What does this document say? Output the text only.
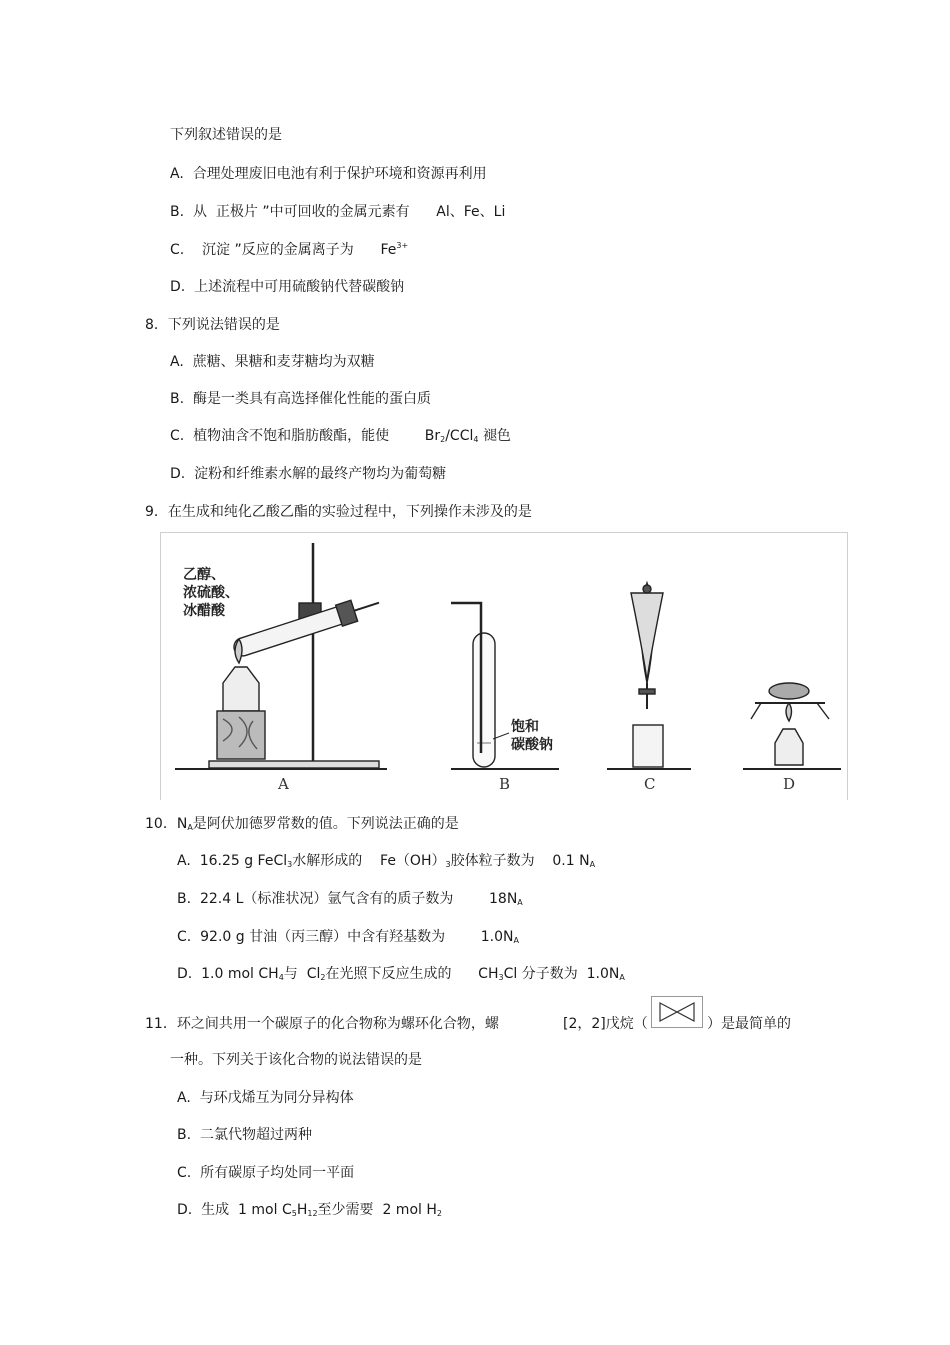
下列叙述错误的是
A. 合理处理废旧电池有利于保护环境和资源再利用
B. 从  正极片 ”中可回收的金属元素有 Al、Fe、Li
C. 沉淀 ”反应的金属离子为 $Fe^{3+}$
D. 上述流程中可用硫酸钠代替碳酸钠
8．下列说法错误的是
A. 蔗糖、果糖和麦芽糖均为双糖
B. 酶是一类具有高选择催化性能的蛋白质
C. 植物油含不饱和脂肪酸酯，能使	$Br_2/CCl_4$ 褪色
D. 淀粉和纤维素水解的最终产物均为葡萄糖
9．在生成和纯化乙酸乙酯的实验过程中，下列操作未涉及的是
乙醇、
浓硫酸、
冰醋酸
饱和
碳酸钠
A	B	C	D
10．$N_A$是阿伏加德罗常数的值。下列说法正确的是
A. 16.25 g FeCl$_3$水解形成的 $Fe(OH)_3$胶体粒子数为 0.1 $N_A$
B. 22.4 L（标准状况）氩气含有的质子数为	$18N_A$
C. 92.0 g 甘油（丙三醇）中含有羟基数为	$1.0N_A$
D. 1.0 mol $CH_4$与  $Cl_2$在光照下反应生成的 $CH_3Cl$ 分子数为 $1.0N_A$
11．环之间共用一个碳原子的化合物称为螺环化合物，螺	[2，2]戊烷（	）是最简单的
一种。下列关于该化合物的说法错误的是
A. 与环戊烯互为同分异构体
B. 二氯代物超过两种
C. 所有碳原子均处同一平面
D. 生成 1 mol $C_5H_{12}$至少需要 2 mol $H_2$
